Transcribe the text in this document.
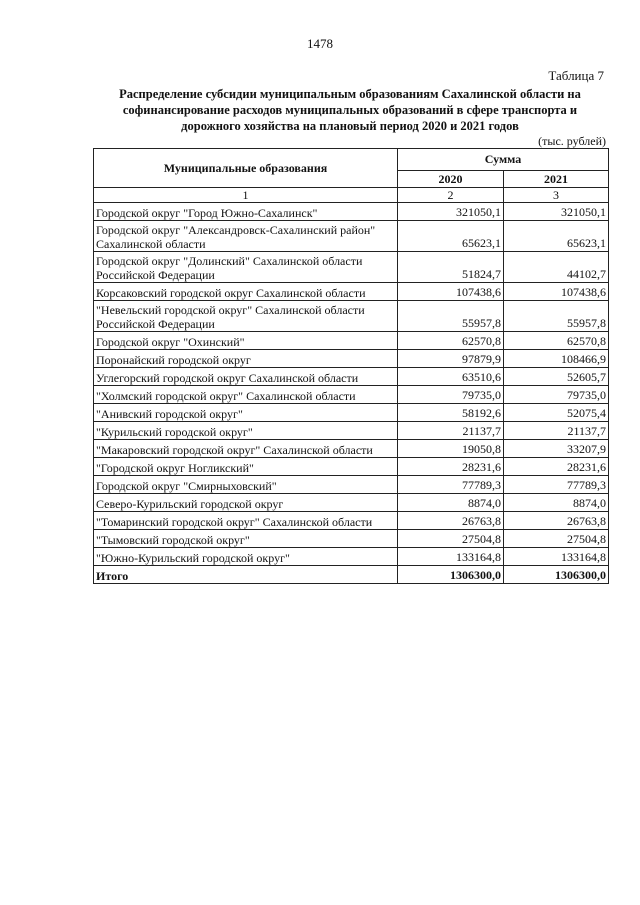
1478
Таблица 7
Распределение субсидии муниципальным образованиям Сахалинской области на
софинансирование расходов муниципальных образований в сфере транспорта и
дорожного хозяйства на плановый период 2020 и 2021 годов
(тыс. рублей)
Муниципальные образования	Сумма	
	2020	2021
1	2	3
Городской округ "Город Южно-Сахалинск"	321050,1	321050,1
Городской округ "Александровск-Сахалинский район" Сахалинской области	65623,1	65623,1
Городской округ "Долинский" Сахалинской области Российской Федерации	51824,7	44102,7
Корсаковский городской округ Сахалинской области	107438,6	107438,6
"Невельский городской округ" Сахалинской области Российской Федерации	55957,8	55957,8
Городской округ "Охинский"	62570,8	62570,8
Поронайский городской округ	97879,9	108466,9
Углегорский городской округ Сахалинской области	63510,6	52605,7
"Холмский городской округ" Сахалинской области	79735,0	79735,0
"Анивский городской округ"	58192,6	52075,4
"Курильский городской округ"	21137,7	21137,7
"Макаровский городской округ" Сахалинской области	19050,8	33207,9
"Городской округ Ногликский"	28231,6	28231,6
Городской округ "Смирныховский"	77789,3	77789,3
Северо-Курильский городской округ	8874,0	8874,0
"Томаринский городской округ" Сахалинской области	26763,8	26763,8
"Тымовский городской округ"	27504,8	27504,8
"Южно-Курильский городской округ"	133164,8	133164,8
Итого	1306300,0	1306300,0
